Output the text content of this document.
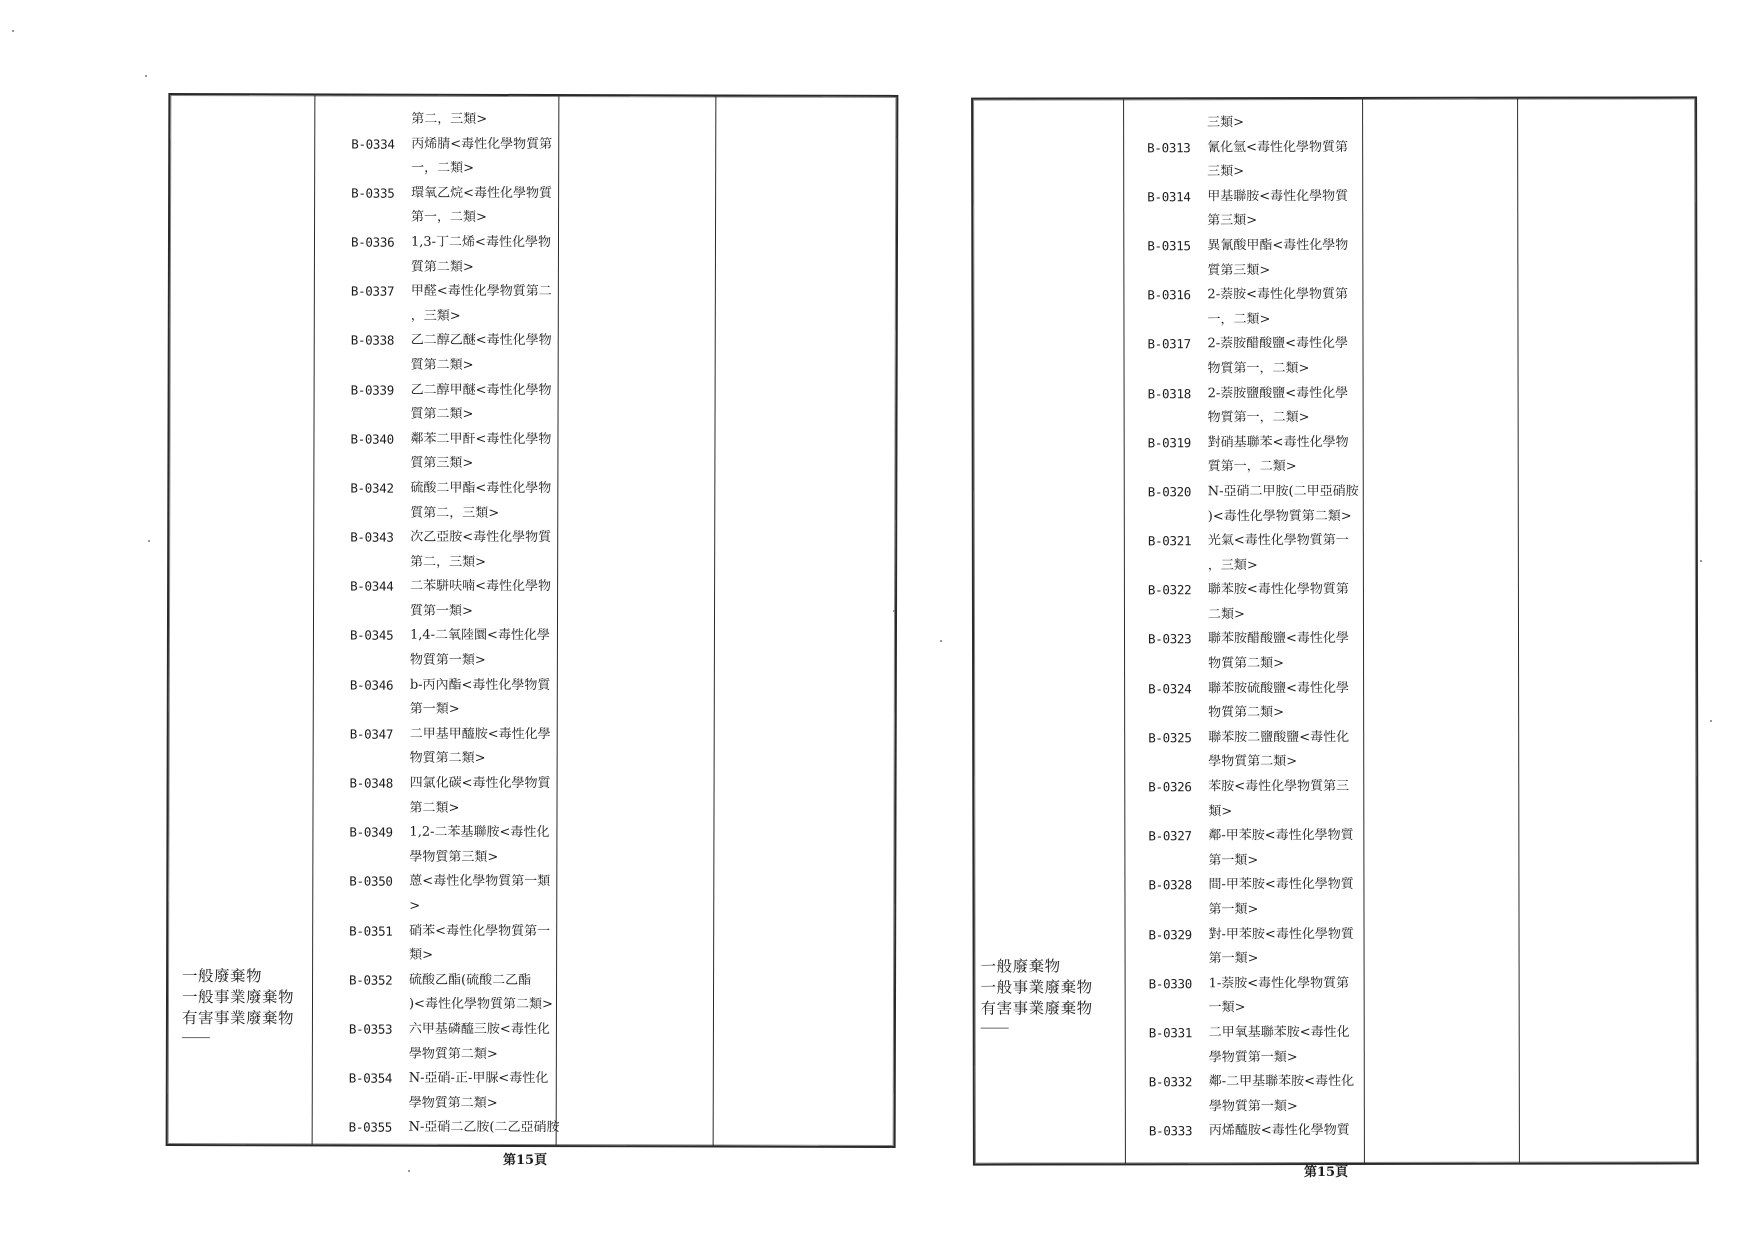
一般廢棄物
一般事業廢棄物
有害事業廢棄物
第二，三類>
B-0334	丙烯腈<毒性化學物質第
一，二類>
B-0335	環氧乙烷<毒性化學物質
第一，二類>
B-0336	1,3-丁二烯<毒性化學物
質第二類>
B-0337	甲醛<毒性化學物質第二
，三類>
B-0338	乙二醇乙醚<毒性化學物
質第二類>
B-0339	乙二醇甲醚<毒性化學物
質第二類>
B-0340	鄰苯二甲酐<毒性化學物
質第三類>
B-0342	硫酸二甲酯<毒性化學物
質第二，三類>
B-0343	次乙亞胺<毒性化學物質
第二，三類>
B-0344	二苯駢呋喃<毒性化學物
質第一類>
B-0345	1,4-二氧陸圜<毒性化學
物質第一類>
B-0346	b-丙內酯<毒性化學物質
第一類>
B-0347	二甲基甲醯胺<毒性化學
物質第二類>
B-0348	四氯化碳<毒性化學物質
第二類>
B-0349	1,2-二苯基聯胺<毒性化
學物質第三類>
B-0350	蒽<毒性化學物質第一類
>
B-0351	硝苯<毒性化學物質第一
類>
B-0352	硫酸乙酯(硫酸二乙酯
)<毒性化學物質第二類>
B-0353	六甲基磷醯三胺<毒性化
學物質第二類>
B-0354	N-亞硝-正-甲脲<毒性化
學物質第二類>
B-0355	N-亞硝二乙胺(二乙亞硝胺
第15頁
一般廢棄物
一般事業廢棄物
有害事業廢棄物
三類>
B-0313	氰化氫<毒性化學物質第
三類>
B-0314	甲基聯胺<毒性化學物質
第三類>
B-0315	異氰酸甲酯<毒性化學物
質第三類>
B-0316	2-萘胺<毒性化學物質第
一，二類>
B-0317	2-萘胺醋酸鹽<毒性化學
物質第一，二類>
B-0318	2-萘胺鹽酸鹽<毒性化學
物質第一，二類>
B-0319	對硝基聯苯<毒性化學物
質第一，二類>
B-0320	N-亞硝二甲胺(二甲亞硝胺
)<毒性化學物質第二類>
B-0321	光氣<毒性化學物質第一
，三類>
B-0322	聯苯胺<毒性化學物質第
二類>
B-0323	聯苯胺醋酸鹽<毒性化學
物質第二類>
B-0324	聯苯胺硫酸鹽<毒性化學
物質第二類>
B-0325	聯苯胺二鹽酸鹽<毒性化
學物質第二類>
B-0326	苯胺<毒性化學物質第三
類>
B-0327	鄰-甲苯胺<毒性化學物質
第一類>
B-0328	間-甲苯胺<毒性化學物質
第一類>
B-0329	對-甲苯胺<毒性化學物質
第一類>
B-0330	1-萘胺<毒性化學物質第
一類>
B-0331	二甲氧基聯苯胺<毒性化
學物質第一類>
B-0332	鄰-二甲基聯苯胺<毒性化
學物質第一類>
B-0333	丙烯醯胺<毒性化學物質
第15頁
